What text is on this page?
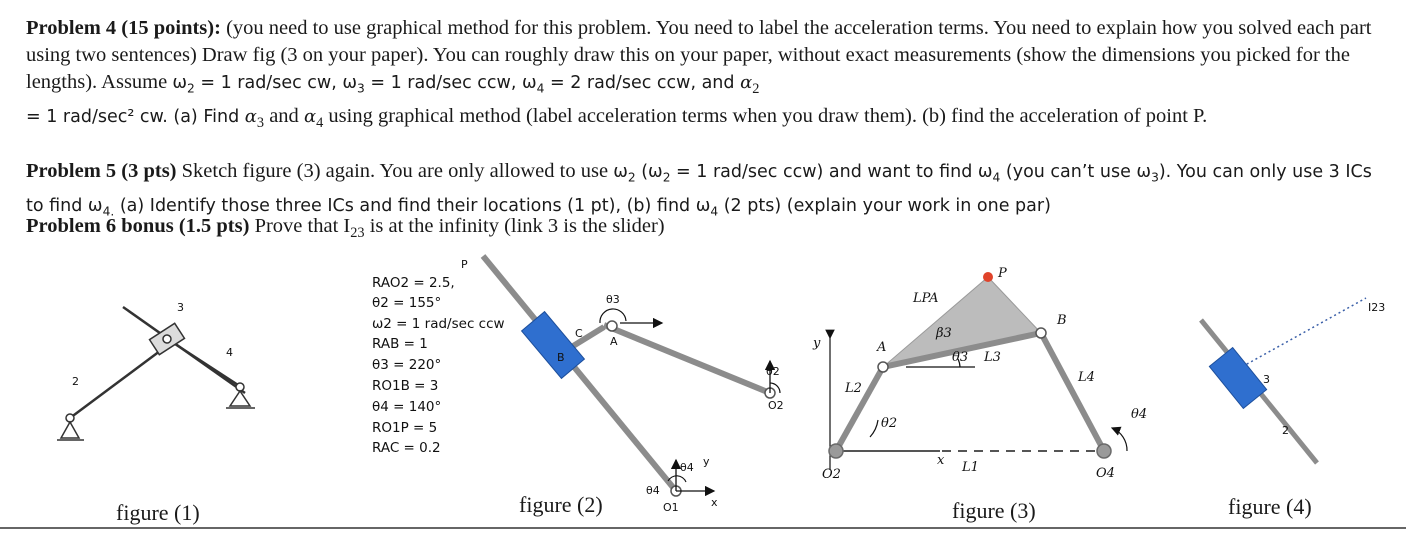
Problem 4 (15 points): (you need to use graphical method for this problem. You need to label the acceleration terms. You need to explain how you solved each part using two sentences) Draw fig (3 on your paper). You can roughly draw this on your paper, without exact measurements (show the dimensions you picked for the lengths). Assume $\omega_2 = 1$ rad/sec cw, $\omega_3 = 1$ rad/sec ccw, $\omega_4 = 2$ rad/sec ccw, and $\alpha_2$
= 1 rad/sec² cw. (a) Find $\alpha_3$ and $\alpha_4$ using graphical method (label acceleration terms when you draw them). (b) find the acceleration of point P.
Problem 5 (3 pts) Sketch figure (3) again. You are only allowed to use $\omega_2$ ($\omega_2 = 1$ rad/sec ccw) and want to find $\omega_4$ (you can’t use $\omega_3$). You can only use 3 ICs to find $\omega_{4.}$ (a) Identify those three ICs and find their locations (1 pt), (b) find $\omega_4$ (2 pts) (explain your work in one par)
Problem 6 bonus (1.5 pts) Prove that $I_{23}$ is at the infinity (link 3 is the slider)
2
3
4
RAO2 = 2.5,
θ2 = 155°
ω2 = 1 rad/sec ccw
RAB = 1
θ3 = 220°
RO1B = 3
θ4 = 140°
RO1P = 5
RAC = 0.2
B
C
θ3
A
P
θ2
O2
θ4
θ4
O1	x
y
P
LPA
B
A
β3
θ3 L3
L2
L4
θ2
θ4
O2	O4
L1
x
y
I23
3
2
figure (1)	figure (2)	figure (3)	figure (4)
